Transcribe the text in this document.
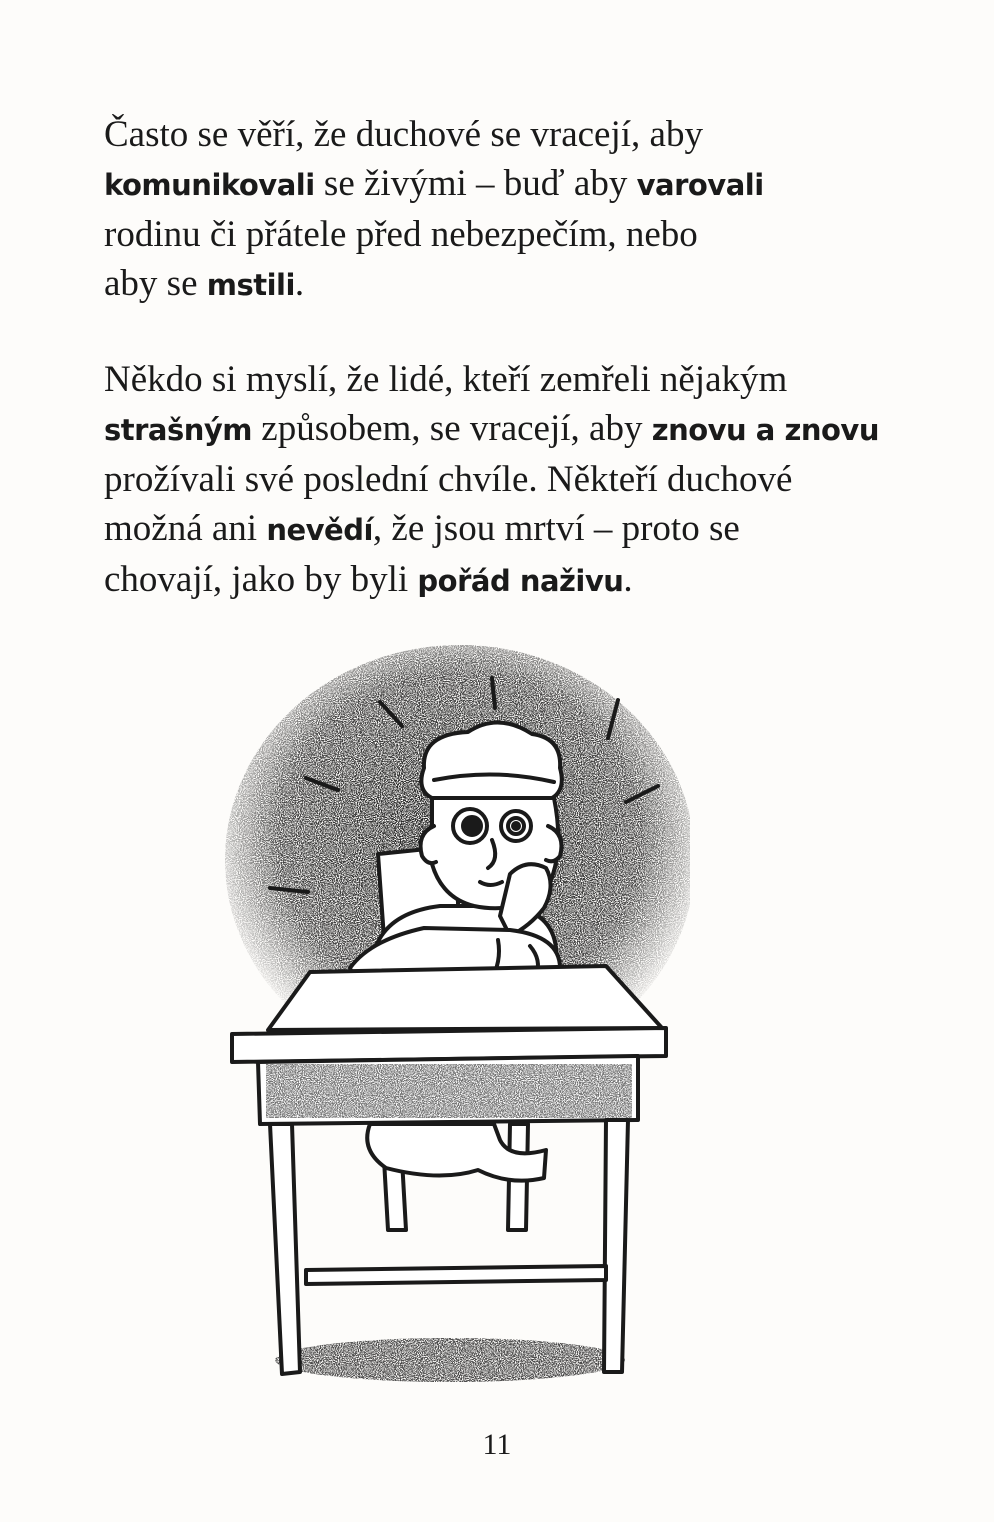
Často se věří, že duchové se vracejí, aby
komunikovali se živými – buď aby varovali
rodinu či přátele před nebezpečím, nebo
aby se mstili.

Někdo si myslí, že lidé, kteří zemřeli nějakým
strašným způsobem, se vracejí, aby znovu a znovu
prožívali své poslední chvíle. Někteří duchové
možná ani nevědí, že jsou mrtví – proto se
chovají, jako by byli pořád naživu.

11
